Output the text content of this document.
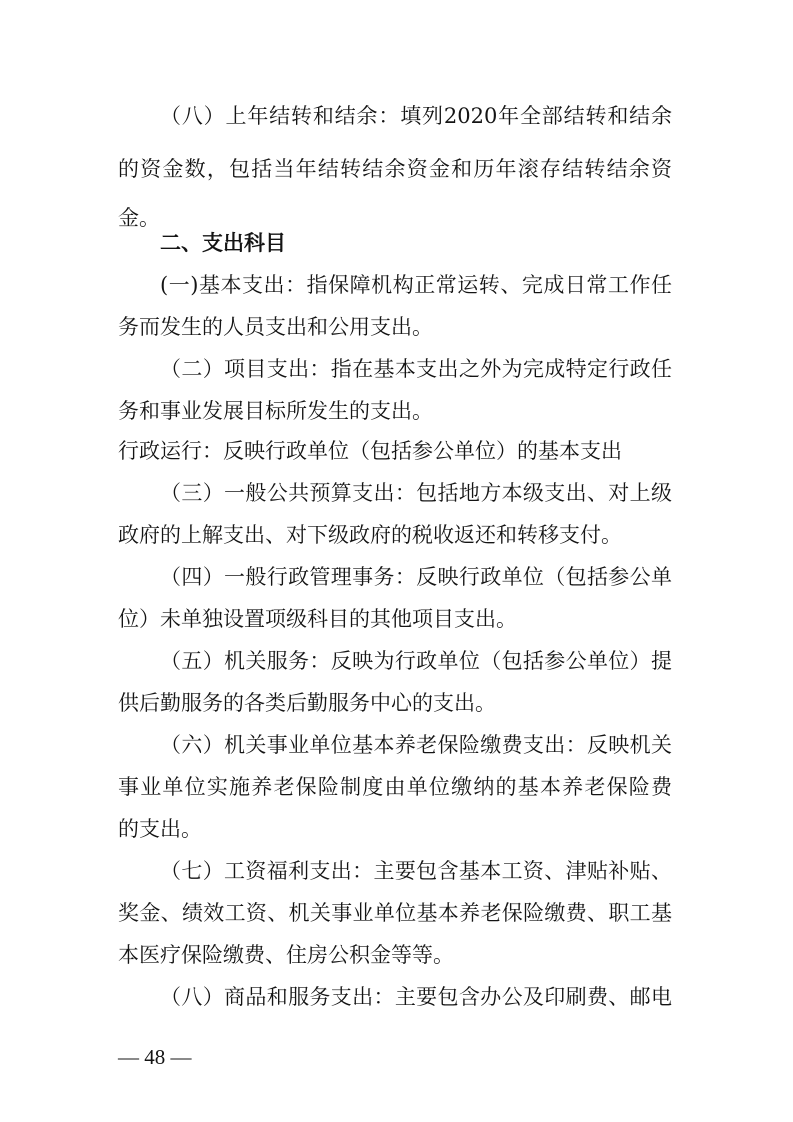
（八）上年结转和结余：填列2020年全部结转和结余
的资金数，包括当年结转结余资金和历年滚存结转结余资
金。
二、支出科目
(一)基本支出：指保障机构正常运转、完成日常工作任
务而发生的人员支出和公用支出。
（二）项目支出：指在基本支出之外为完成特定行政任
务和事业发展目标所发生的支出。
行政运行：反映行政单位（包括参公单位）的基本支出
（三）一般公共预算支出：包括地方本级支出、对上级
政府的上解支出、对下级政府的税收返还和转移支付。
（四）一般行政管理事务：反映行政单位（包括参公单
位）未单独设置项级科目的其他项目支出。
（五）机关服务：反映为行政单位（包括参公单位）提
供后勤服务的各类后勤服务中心的支出。
（六）机关事业单位基本养老保险缴费支出：反映机关
事业单位实施养老保险制度由单位缴纳的基本养老保险费
的支出。
（七）工资福利支出：主要包含基本工资、津贴补贴、
奖金、绩效工资、机关事业单位基本养老保险缴费、职工基
本医疗保险缴费、住房公积金等等。
（八）商品和服务支出：主要包含办公及印刷费、邮电
— 48 —
